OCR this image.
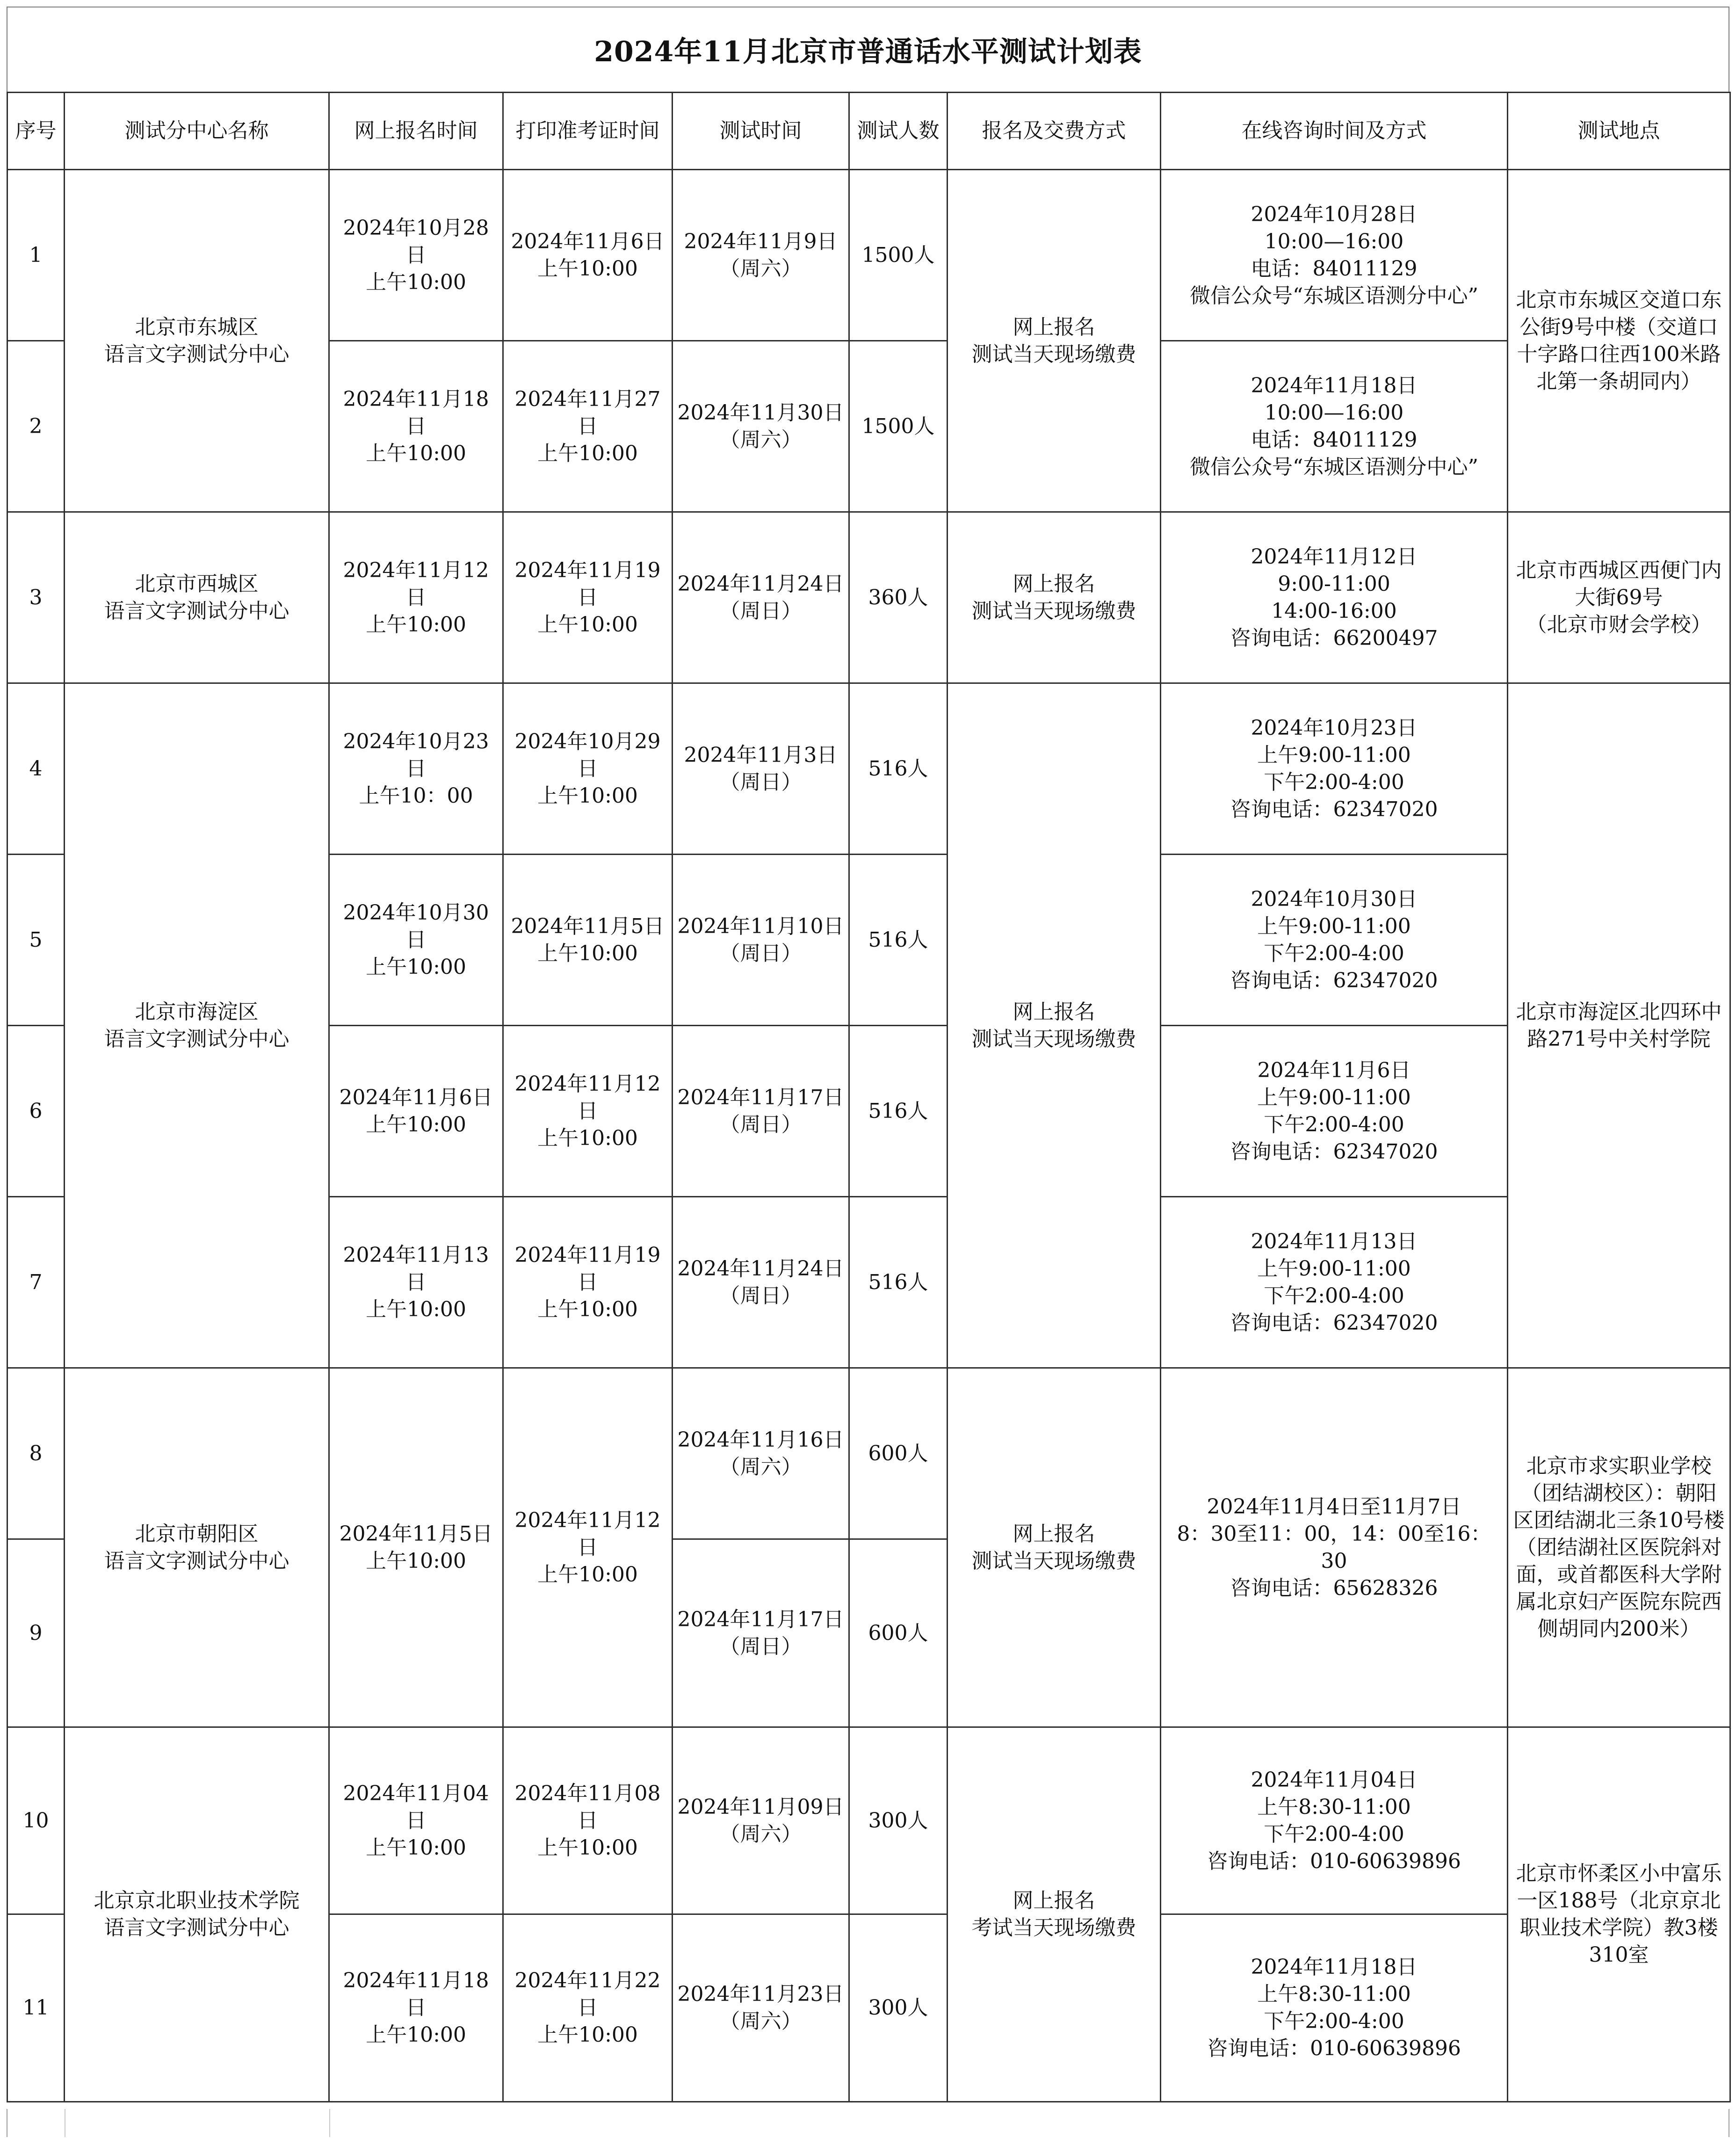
2024年11月北京市普通话水平测试计划表
序号	测试分中心名称	网上报名时间	打印准考证时间	测试时间	测试人数	报名及交费方式	在线咨询时间及方式	测试地点
1	北京市东城区
语言文字测试分中心	2024年10月28日
上午10:00	2024年11月6日
上午10:00	2024年11月9日
（周六）	1500人	网上报名
测试当天现场缴费	2024年10月28日
10:00—16:00
电话：84011129
微信公众号“东城区语测分中心”	北京市东城区交道口东公街9号中楼（交道口十字路口往西100米路北第一条胡同内）
2		2024年11月18日
上午10:00	2024年11月27日
上午10:00	2024年11月30日
（周六）	1500人		2024年11月18日
10:00—16:00
电话：84011129
微信公众号“东城区语测分中心”	
3	北京市西城区
语言文字测试分中心	2024年11月12日
上午10:00	2024年11月19日
上午10:00	2024年11月24日
（周日）	360人	网上报名
测试当天现场缴费	2024年11月12日
9:00-11:00
14:00-16:00
咨询电话：66200497	北京市西城区西便门内大街69号
（北京市财会学校）
4	北京市海淀区
语言文字测试分中心	2024年10月23日
上午10：00	2024年10月29日
上午10:00	2024年11月3日
（周日）	516人	网上报名
测试当天现场缴费	2024年10月23日
上午9:00-11:00
下午2:00-4:00
咨询电话：62347020	北京市海淀区北四环中路271号中关村学院
5		2024年10月30日
上午10:00	2024年11月5日
上午10:00	2024年11月10日
（周日）	516人		2024年10月30日
上午9:00-11:00
下午2:00-4:00
咨询电话：62347020	
6		2024年11月6日
上午10:00	2024年11月12日
上午10:00	2024年11月17日
（周日）	516人		2024年11月6日
上午9:00-11:00
下午2:00-4:00
咨询电话：62347020	
7		2024年11月13日
上午10:00	2024年11月19日
上午10:00	2024年11月24日
（周日）	516人		2024年11月13日
上午9:00-11:00
下午2:00-4:00
咨询电话：62347020	
8	北京市朝阳区
语言文字测试分中心	2024年11月5日
上午10:00	2024年11月12日
上午10:00	2024年11月16日
（周六）	600人	网上报名
测试当天现场缴费	2024年11月4日至11月7日
8：30至11：00，14：00至16：30
咨询电话：65628326	北京市求实职业学校（团结湖校区）：朝阳区团结湖北三条10号楼（团结湖社区医院斜对面，或首都医科大学附属北京妇产医院东院西侧胡同内200米）
9				2024年11月17日
（周日）	600人			
10	北京京北职业技术学院
语言文字测试分中心	2024年11月04日
上午10:00	2024年11月08日
上午10:00	2024年11月09日
（周六）	300人	网上报名
考试当天现场缴费	2024年11月04日
上午8:30-11:00
下午2:00-4:00
咨询电话：010-60639896	北京市怀柔区小中富乐一区188号（北京京北职业技术学院）教3楼310室
11		2024年11月18日
上午10:00	2024年11月22日
上午10:00	2024年11月23日
（周六）	300人		2024年11月18日
上午8:30-11:00
下午2:00-4:00
咨询电话：010-60639896	
